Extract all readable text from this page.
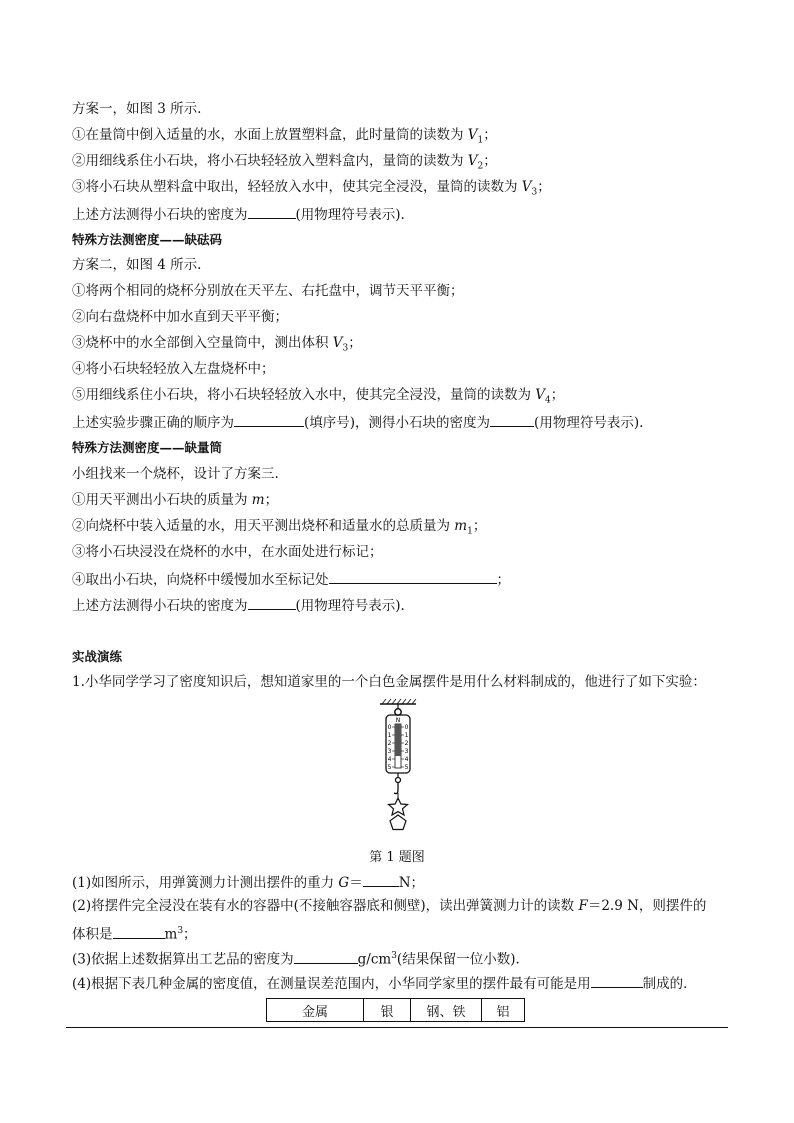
方案一，如图 3 所示.
①在量筒中倒入适量的水，水面上放置塑料盒，此时量筒的读数为 $V_1$；
②用细线系住小石块，将小石块轻轻放入塑料盒内，量筒的读数为 $V_2$；
③将小石块从塑料盒中取出，轻轻放入水中，使其完全浸没，量筒的读数为 $V_3$；
上述方法测得小石块的密度为	(用物理符号表示).
特殊方法测密度——缺砝码
方案二，如图 4 所示.
①将两个相同的烧杯分别放在天平左、右托盘中，调节天平平衡；
②向右盘烧杯中加水直到天平平衡；
③烧杯中的水全部倒入空量筒中，测出体积 $V_3$；
④将小石块轻轻放入左盘烧杯中；
⑤用细线系住小石块，将小石块轻轻放入水中，使其完全浸没，量筒的读数为 $V_4$；
上述实验步骤正确的顺序为	(填序号)，测得小石块的密度为	(用物理符号表示).
特殊方法测密度——缺量筒
小组找来一个烧杯，设计了方案三.
①用天平测出小石块的质量为 m；
②向烧杯中装入适量的水，用天平测出烧杯和适量水的总质量为 $m_1$；
③将小石块浸没在烧杯的水中，在水面处进行标记；
④取出小石块，向烧杯中缓慢加水至标记处	；
上述方法测得小石块的密度为	(用物理符号表示).
实战演练
1.小华同学学习了密度知识后，想知道家里的一个白色金属摆件是用什么材料制成的，他进行了如下实验：
N
0
1
2
3
4
5
0
1
2
3
4
5
第 1 题图
(1)如图所示，用弹簧测力计测出摆件的重力 G＝	N；
(2)将摆件完全浸没在装有水的容器中(不接触容器底和侧壁)，读出弹簧测力计的读数 F＝2.9 N，则摆件的
体积是	$m^3$；
(3)依据上述数据算出工艺品的密度为	$g/cm^3$(结果保留一位小数).
(4)根据下表几种金属的密度值，在测量误差范围内，小华同学家里的摆件最有可能是用	制成的．
金属	银	钢、铁	铝
